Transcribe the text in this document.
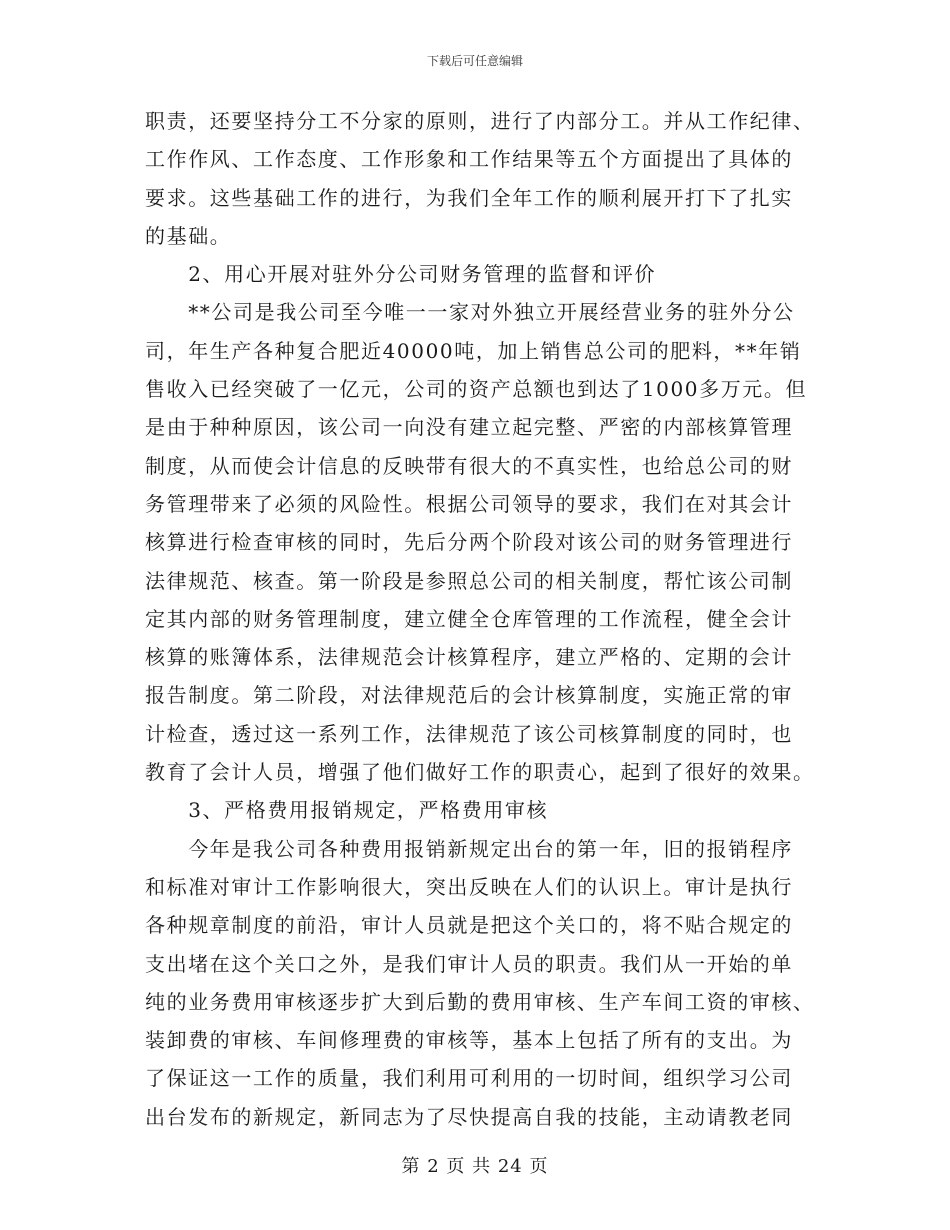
下载后可任意编辑
职责，还要坚持分工不分家的原则，进行了内部分工。并从工作纪律、
工作作风、工作态度、工作形象和工作结果等五个方面提出了具体的
要求。这些基础工作的进行，为我们全年工作的顺利展开打下了扎实
的基础。
　　2、用心开展对驻外分公司财务管理的监督和评价
　　**公司是我公司至今唯一一家对外独立开展经营业务的驻外分公
司，年生产各种复合肥近40000吨，加上销售总公司的肥料，**年销
售收入已经突破了一亿元，公司的资产总额也到达了1000多万元。但
是由于种种原因，该公司一向没有建立起完整、严密的内部核算管理
制度，从而使会计信息的反映带有很大的不真实性，也给总公司的财
务管理带来了必须的风险性。根据公司领导的要求，我们在对其会计
核算进行检查审核的同时，先后分两个阶段对该公司的财务管理进行
法律规范、核查。第一阶段是参照总公司的相关制度，帮忙该公司制
定其内部的财务管理制度，建立健全仓库管理的工作流程，健全会计
核算的账簿体系，法律规范会计核算程序，建立严格的、定期的会计
报告制度。第二阶段，对法律规范后的会计核算制度，实施正常的审
计检查，透过这一系列工作，法律规范了该公司核算制度的同时，也
教育了会计人员，增强了他们做好工作的职责心，起到了很好的效果。
　　3、严格费用报销规定，严格费用审核
　　今年是我公司各种费用报销新规定出台的第一年，旧的报销程序
和标准对审计工作影响很大，突出反映在人们的认识上。审计是执行
各种规章制度的前沿，审计人员就是把这个关口的，将不贴合规定的
支出堵在这个关口之外，是我们审计人员的职责。我们从一开始的单
纯的业务费用审核逐步扩大到后勤的费用审核、生产车间工资的审核、
装卸费的审核、车间修理费的审核等，基本上包括了所有的支出。为
了保证这一工作的质量，我们利用可利用的一切时间，组织学习公司
出台发布的新规定，新同志为了尽快提高自我的技能，主动请教老同
第 2 页 共 24 页
